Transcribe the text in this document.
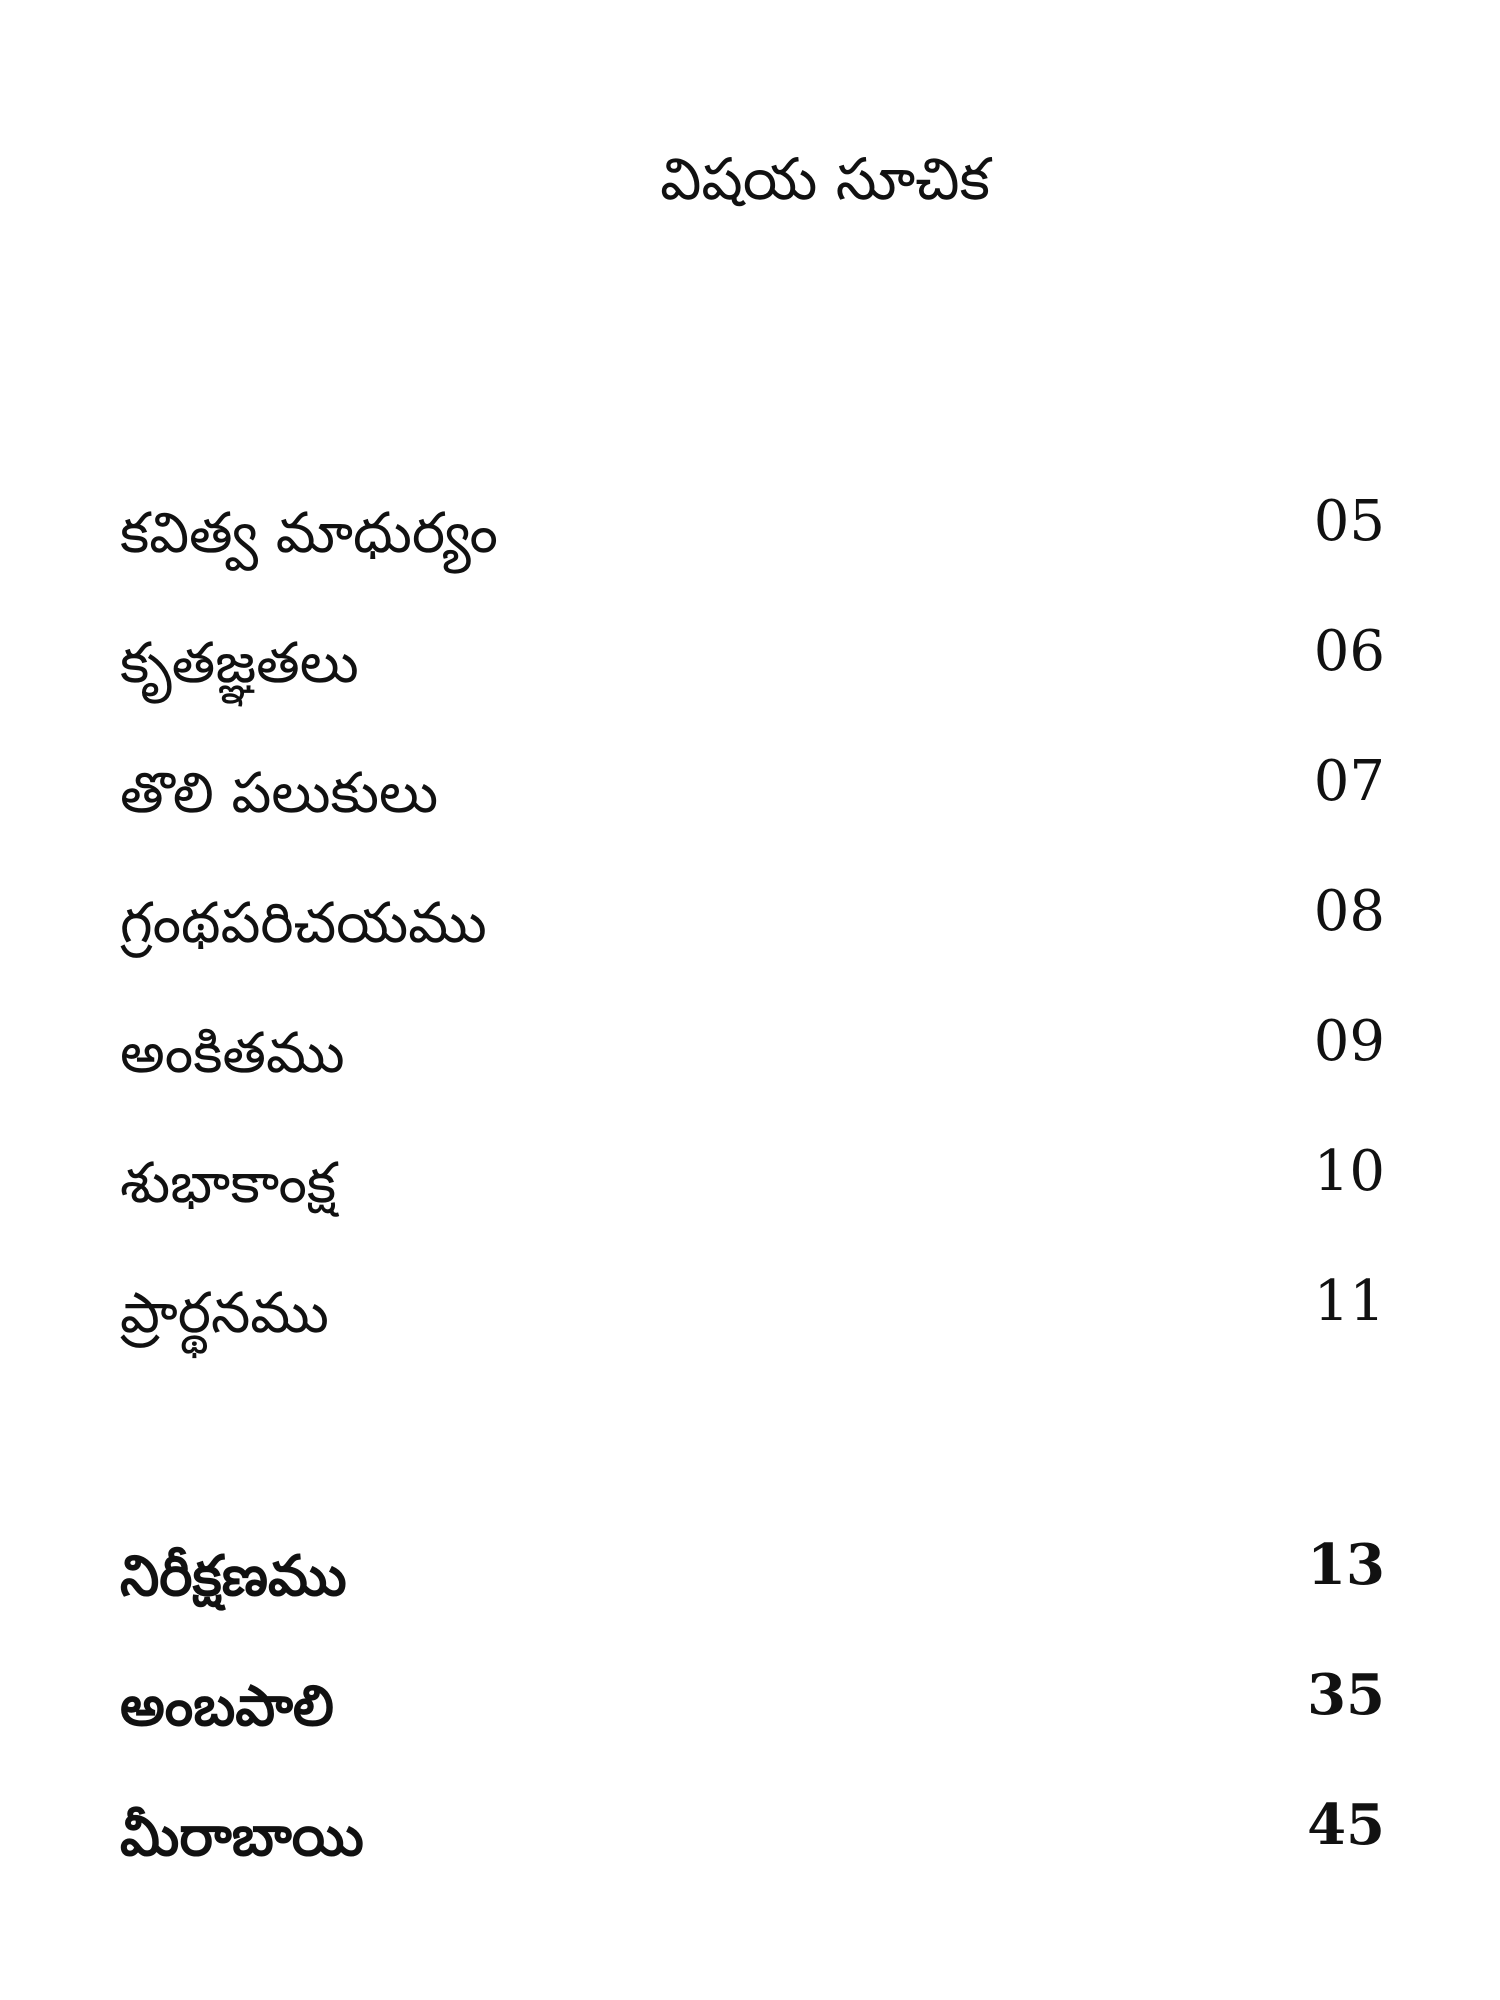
విషయ సూచిక
కవిత్వ మాధుర్యం	05
కృతజ్ఞతలు	06
తొలి పలుకులు	07
గ్రంథపరిచయము	08
అంకితము	09
శుభాకాంక్ష	10
ప్రార్థనము	11
నిరీక్షణము	13
అంబపాలి	35
మీరాబాయి	45
